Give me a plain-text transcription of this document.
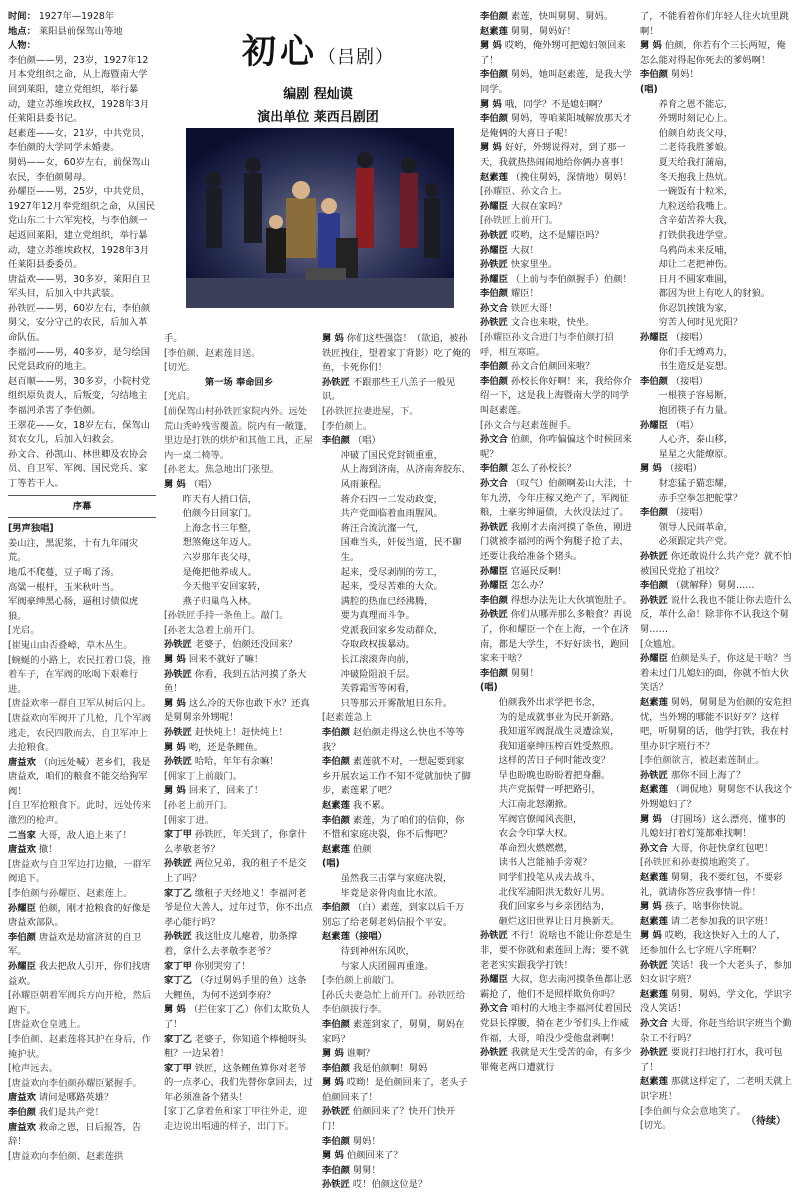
初心（吕剧）
编剧 程灿谟
演出单位 莱西吕剧团

时间： 1927年—1928年

地点： 莱阳县前保驾山等地

人物：

李伯颜——男，23岁，1927年12月本党组织之命，从上海暨南大学回到莱阳，建立党组织，举行暴动，建立苏维埃政权，1928年3月任莱阳县委书记。

赵素莲——女，21岁，中共党员，李伯颜的大学同学未婚妻。

舅妈——女，60岁左右，前保驾山农民，李伯颜舅母。

孙耀臣——男，25岁，中共党员，1927年12月奉党组织之命，从国民党山东二十六军宪校，与李伯颜一起返回莱阳，建立党组织，举行暴动，建立苏维埃政权，1928年3月任莱阳县委委员。

唐益欢——男，30多岁，莱阳自卫军头目，后加入中共武装。

孙铁匠——男，60岁左右，李伯颜舅父，安分守己的农民，后加入革命队伍。

李福河——男，40多岁，是匀绘国民党县政府的地主。

赵百顺——男，30多岁，小院村党组织原负责人，后叛变，匀结地主李福河杀害了李伯颜。

王翠花——女，18岁左右，保驾山贫农女儿，后加入妇救会。

孙文合、孙凯山、林世卿及农协会员、自卫军、军阀、国民党兵、家丁等若干人。

序幕

[男声独唱]

姜山注，黑泥浆，十有九年闹灾荒。

地瓜不爬蔓，豆子喝了汤。

高粱一根杆，玉米秋叶当。

军阀豪绅黑心肠，逼租讨债似虎狼。

[光启。

[崔嵬山由否叠嶂，草木丛生。

[蜿蜒的小路上，农民扛着口袋，推着车子，在军阀的吆喝下艰难行进。

[唐益欢率一群自卫军从树后闪上。

[唐益欢向军阀开了几枪，几个军阀逃走，农民四散而去，自卫军冲上去抢粮食。

唐益欢 （向远处喊）老乡们，我是唐益欢，咱们的粮食不能交给狗军阀！

[自卫军抢粮食下。此时，远处传来激烈的枪声。

二当家 大哥，敌人追上来了！

唐益欢 撤！

[唐益欢与自卫军边打边撤，一群军阀追下。

[李伯颜与孙耀臣、赵素莲上。

孙耀臣 伯颜，刚才抢粮食的好像是唐益欢部队。

李伯颜 唐益欢是劫富济贫的自卫军。

孙耀臣 我去把敌人引开，你们找唐益欢。

[孙耀臣朝着军阀兵方向开枪，然后跑下。

[唐益欢仓皇逃上。

[李伯颜、赵素莲将其护在身后，作掩护状。

[枪声远去。

[唐益欢向李伯颜孙耀臣紧握手。

唐益欢 请问是哪路英雄？

李伯颜 我们是共产党！

唐益欢 救命之恩，日后报答，告辞！

[唐益欢向李伯颜、赵素莲拱

手。

[李伯颜、赵素莲目送。

[切光。

第一场 奉命回乡

[光启。

[前保驾山村孙铁匠家院内外。远处荒山秃岭残雪覆盖。院内有一敞篷，里边是打铁的烘炉和其他工具，正屋内一桌二椅等。

[孙老太。焦急地出门张望。

舅 妈 （唱）

昨天有人捎口信，

伯颜今日回家门。

上海念书三年整，

想煞俺这年迈人。

六岁那年丧父母，

是俺把他养成人。

今天他平安回家转，

燕子归巢鸟入林。

[孙铁匠手持一条鱼上。敲门。

[孙老太急着上前开门。

孙铁匠 老婆子，伯颜还没回来？

舅 妈 回来不就好了嘛！

孙铁匠 你看，我到五沽河摸了条大鱼！

舅 妈 这么冷的天你也敢下水？还真是舅舅亲外甥呢！

孙铁匠 赶快炖上！赶快炖上！

舅 妈 哟，还是条鲤鱼。

孙铁匠 哈哈，年年有余嘛！

[佣家丁上前敲门。

舅 妈 回来了，回来了！

[孙老上前开门。

[佣家丁进。

家丁甲 孙铁匠，年关到了，你拿什么孝敬老爷？

孙铁匠 两位兄弟，我的租子不是交上了吗？

家丁乙 缴租子天经地义！李福河老爷是位大善人，过年过节，你不出点孝心能行吗？

孙铁匠 我这肚皮儿瘪着，肋条撑着，拿什么去孝敬李老爷？

家丁甲 你别哭穷了！

家丁乙 （夺过舅妈手里的鱼）这条大鲤鱼，为何不送到李府？

舅 妈 （拦住家丁乙）你们太欺负人了！

家丁乙 老婆子，你知道个棒槌呀头粗？一边呆着！

家丁甲 铁匠，这条鲤鱼算你对老爷的一点孝心，我们先替你拿回去，过年必须准备个猪头！

[家丁乙拿着鱼和家丁甲往外走，迎走边说出唱通的样子，出门下。

舅 妈 你们这些强盗！（欲追，被孙铁匠拽住，望着家丁背影）吃了俺的鱼，卡死你们！

孙铁匠 不跟那些王八羔子一般见识。

[孙铁匠拉妻进屋，下。

[李伯颜上。

李伯颜 （唱）

冲破了国民党封锁重重，

从上海到济南，从济南奔胶东、风雨兼程。

蒋介石四一二发动政变，

共产党面临着血雨腥风。

蒋汪合流沆瀣一气，

国难当头，奸佞当道，民不聊生。

起来，受尽剥削的劳工，

起来，受尽苦难的大众。

满腔的热血已经沸腾，

要为真理而斗争。

党派我回家乡发动群众，

夺取政权拔暴动。

长江滚滚奔向前，

冲破险阻浪千层。

芙蓉霜雪等闲看，

只等那云开雾散旭日东升。

[赵素莲急上

李伯颜 赵伯颜走得这么快也不等等我？

李伯颜 素莲就不对，一想起要到家乡开展农运工作不知不觉就加快了脚步，素莲累了吧？

赵素莲 我不累。

李伯颜 素莲，为了咱们的信仰，你不惜和家庭决裂，你不后悔吧？

赵素莲 伯颜

(唱)

虽然我三击掌与家庭决裂，

毕竟是亲骨肉血比水浓。

李伯颜 （白）素莲，到家以后千万别忘了给老舅老妈信报个平安。

赵素莲（接唱）

待到神州东风吹，

与家人庆团圆再重逢。

[李伯颜上前敲门。

[孙氏夫妻急忙上前开门。孙铁匠给李伯颜拔行李。

李伯颜 素莲到家了，舅舅，舅妈在家吗？

舅 妈 谁啊？

李伯颜 我是伯颜啊！舅妈

舅 妈 哎呦！是伯颜回来了，老头子伯颜回来了！

孙铁匠 伯颜回来了？快开门快开门！

李伯颜 舅妈！

舅 妈 伯颜回来了？

李伯颜 舅舅！

孙铁匠 哎！伯颜这位是？

李伯颜 素莲，快叫舅舅、舅妈。

赵素莲 舅舅，舅妈好！

舅 妈 哎哟，俺外甥可把媳妇领回来了！

李伯颜 舅妈，她叫赵素莲，是我大学同学。

舅 妈 哦，同学？不是媳妇啊？

李伯颜 舅妈，等咱莱阳城解放那天才是俺俩的大喜日子呢！

舅 妈 好好，外甥说得对，到了那一天，我就热热闹闹地给你俩办喜事！

赵素莲 （挽住舅妈，深情地）舅妈！

[孙耀臣、孙文合上。

孙耀臣 大叔在家吗？

[孙铁匠上前开门。

孙铁匠 哎哟，这不是耀臣吗？

孙耀臣 大叔！

孙铁匠 快家里坐。

孙耀臣 （上前与李伯颜握手）伯颜！

李伯颜 耀臣！

孙文合 铁匠大哥！

孙铁匠 文合也来啦，快坐。

[孙耀臣孙文合进门与李伯颜打招呼，相互寒暄。

李伯颜 孙文合伯颜回来啦？

李伯颜 孙校长你好啊！来，我给你介绍一下，这是我上海暨南大学的同学叫赵素莲。

[孙文合与赵素莲握手。

孙文合 伯颜，你咋偏偏这个时候回来呢？

李伯颜 怎么了孙校长？

孙文合 （叹气）伯颜啊姜山大洼，十年九涝，今年庄稼又绝产了，军阀征粮，土豪劣绅逼债，大伙没法过了。

孙铁匠 我刚才去南河摸了条鱼，刚进门就被李福河的两个狗腿子抢了去，还要让我给准备个猪头。

孙耀臣 官逼民反啊！

孙耀臣 怎么办？

李伯颜 得想办法先让大伙填饱肚子。

孙铁匠 你们从哪弄那么多粮食？再说了，你和耀臣一个在上海，一个在济南，都是大学生，不好好读书，跑回家来干啥？

李伯颜 舅舅！

(唱)

伯颜我外出求学把书念，

为的是成就事业为民开新路。

我知道军阀混战生灵遭涂炭，

我知道豪绅压榨百姓受熬煎。

这样的苦日子何时能改变？

早也盼晚也盼盼着把身翻。

共产党振臂一呼把路引，

大江南北怒潮掀。

军阀官僚闻风丧胆，

农会令印掌大权。

革命烈火燃燃燃，

读书人岂能袖手旁观？

同学们投笔从戎去战斗，

北伐军浦阳洪无数好儿男。

我们回家乡与乡亲团结为，

砸烂这旧世界让日月换新天。

孙铁匠 不行！说啥也不能让你惹是生非，要不你就和素莲回上海；要不就老老实实跟我学打铁！

孙耀臣 大叔，您去南河摸条鱼都让恶霸抢了，他们不是照样欺负你吗？

孙文合 咱村的大地主李福河仗着国民党县长撑腰，骑在老少爷们头上作威作福，大哥，咱没少受他盘剥啊！

孙铁匠 我就是天生受苦的命，有多少罪俺老两口遭就行

了，不能看着你们年轻人往火坑里跳啊！

舅 妈 伯颜，你若有个三长两短，俺怎么能对得起你死去的爹妈啊！

李伯颜 舅妈！

(唱)

养育之恩不能忘，

外甥时刻记心上。

伯颜自幼丧父母，

二老待我胜爹娘。

夏天给我打蒲扇，

冬天抱我上热炕。

一碗饭有十粒米，

九粒送给我嘴上。

含辛茹苦养大我，

打铁供我进学堂。

乌鸦尚未来反哺，

却让二老把神伤。

日月不圆家难圆，

都因为世上有吃人的豺狼。

你忍饥挨饿为家，

穷苦人何时见光阳？

孙耀臣 （接唱）

你们手无缚鸡力，

书生造反是妄想。

李伯颜 （接唱）

一根筷子容易断，

抱团筷子有力量。

孙耀臣 （唱）

人心齐，泰山移，

星星之火能燎原。

舅 妈 （接唱）

豺恋猛子猫恋耀，

赤手空拳怎把舵掌？

李伯颜 （接唱）

领导人民闹革命，

必须跟定共产党。

孙铁匠 你还敢说什么共产党？就不怕被国民党抢了祖坟？

李伯颜 （就解释）舅舅……

孙铁匠 说什么我也不能让你去造什么反，革什么命！除非你不认我这个舅舅……

[众尴尬。

孙耀臣 伯颜是头子，你这是干啥？当着未过门儿媳妇的面，你就不怕大伙笑话？

赵素莲 舅妈，舅舅是为伯颜的安危担忧，当外甥的哪能不识好歹？这样吧，听舅舅的话，他学打铁，我在村里办识字班行不？

[李伯颜欲言，被赵素莲制止。

孙铁匠 那你不回上海了？

赵素莲 （调侃地）舅舅您不认我这个外甥媳妇了？

舅 妈 （打圆场）这么漂亮、懂事的儿媳妇打着灯笼都难找啊！

孙文合 大哥，你赶快拿红包吧！

[孙铁匠和孙妻摸地跑笑了。

赵素莲 舅舅，我不要红包，不要彩礼，就请你答应我事情一件！

舅 妈 孩子，啥事你快说。

赵素莲 请二老参加我的识字班！

舅 妈 哎哟，我这快好入土的人了，还参加什么七字班八字班啊？

孙铁匠 笑话！我一个大老头子，参加妇女识字班？

赵素莲 舅舅，舅妈，学文化，学识字没人笑话！

孙文合 大哥，你赶当给识字班当个勤杂工不行吗？

孙铁匠 要说打扫地打打水，我可包了！

赵素莲 那就这样定了，二老明天就上识字班！

[李伯颜与众会意地笑了。

[切光。	（待续）
